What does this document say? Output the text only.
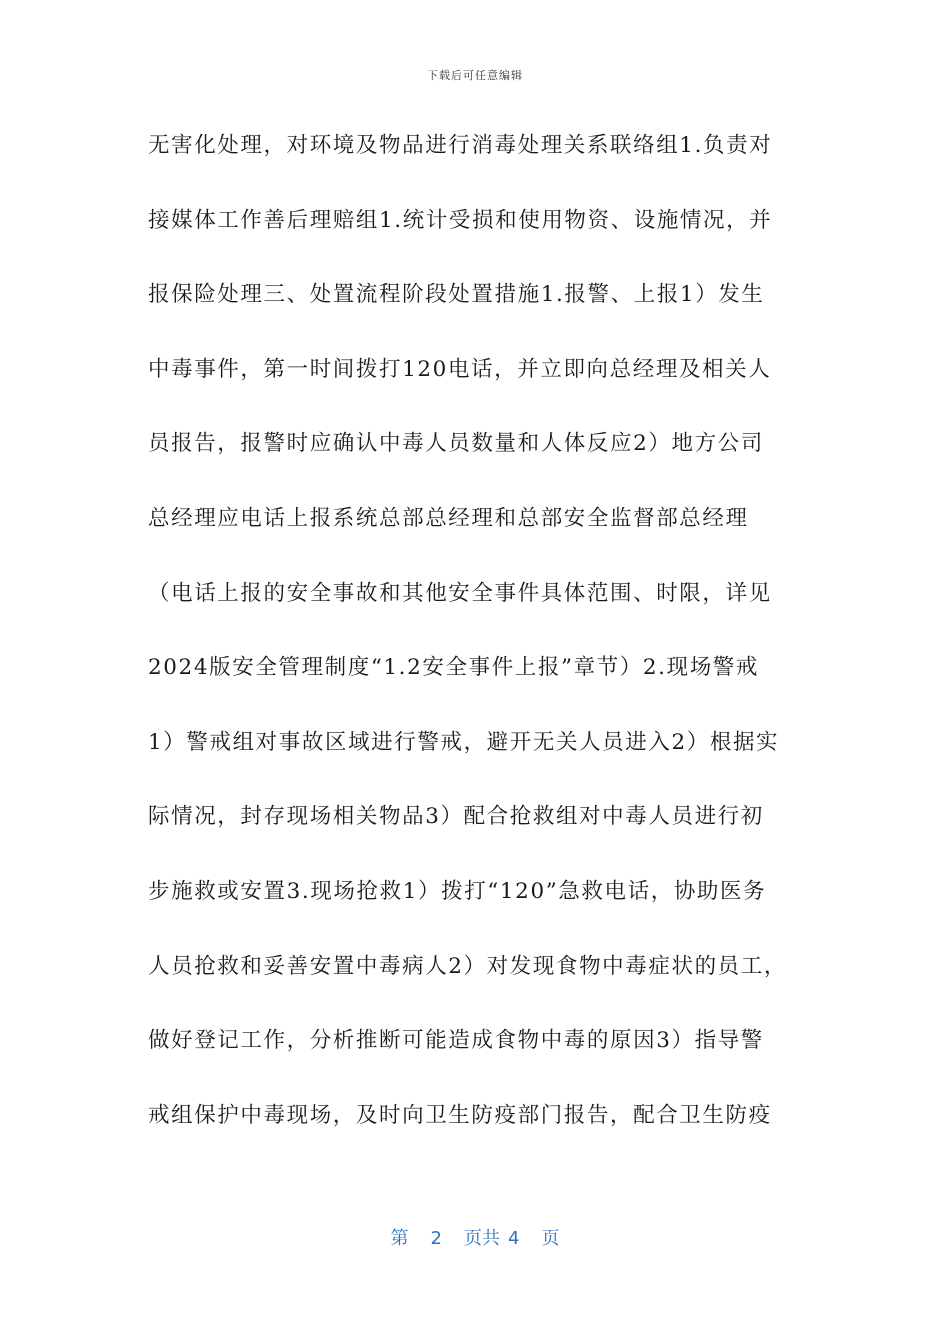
下载后可任意编辑
无害化处理，对环境及物品进行消毒处理关系联络组1.负责对
接媒体工作善后理赔组1.统计受损和使用物资、设施情况，并
报保险处理三、处置流程阶段处置措施1.报警、上报1）发生
中毒事件，第一时间拨打120电话，并立即向总经理及相关人
员报告，报警时应确认中毒人员数量和人体反应2）地方公司
总经理应电话上报系统总部总经理和总部安全监督部总经理
（电话上报的安全事故和其他安全事件具体范围、时限，详见
2024版安全管理制度“1.2安全事件上报”章节）2.现场警戒
1）警戒组对事故区域进行警戒，避开无关人员进入2）根据实
际情况，封存现场相关物品3）配合抢救组对中毒人员进行初
步施救或安置3.现场抢救1）拨打“120”急救电话，协助医务
人员抢救和妥善安置中毒病人2）对发现食物中毒症状的员工，
做好登记工作，分析推断可能造成食物中毒的原因3）指导警
戒组保护中毒现场，及时向卫生防疫部门报告，配合卫生防疫
第 2 页共 4 页
